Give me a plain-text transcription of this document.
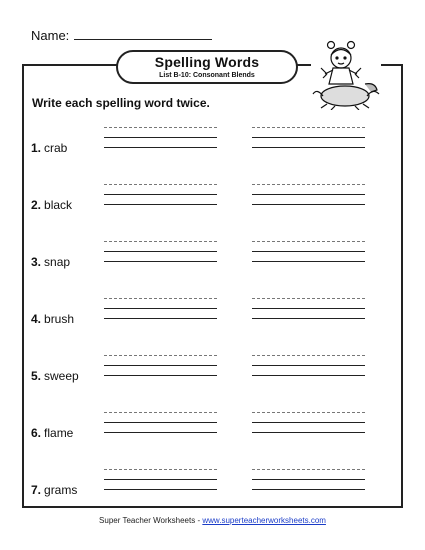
Name:
Spelling Words
List B-10: Consonant Blends
Write each spelling word twice.
1. crab
2. black
3. snap
4. brush
5. sweep
6. flame
7. grams
Super Teacher Worksheets - www.superteacherworksheets.com
